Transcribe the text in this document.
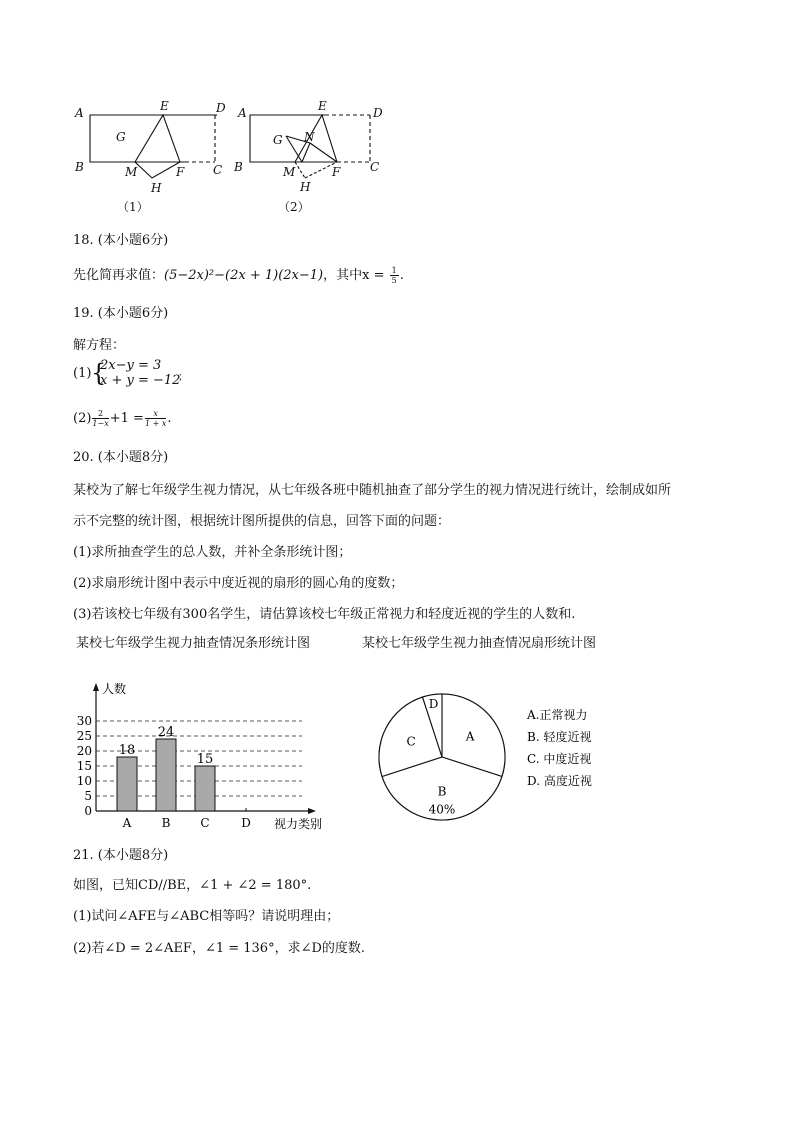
A
B	C
D
E
F
G
H
M
（1）
A
B	C
D
E
F
G
H
M
N
（2）
18. (本小题6分)
先化简再求值：(5−2x)²−(2x + 1)(2x−1)，其中$x = \frac{1}{5}$ .
19. (本小题6分)
解方程：
(1) {
2x−y = 3
x + y = −12
；
$(2) \frac{2}{1-x} +1 = \frac{x}{1 + x}$ .
20. (本小题8分)
某校为了解七年级学生视力情况，从七年级各班中随机抽查了部分学生的视力情况进行统计，绘制成如所
示不完整的统计图，根据统计图所提供的信息，回答下面的问题：
(1)求所抽查学生的总人数，并补全条形统计图；
(2)求扇形统计图中表示中度近视的扇形的圆心角的度数；
(3)若该校七年级有300名学生，请估算该校七年级正常视力和轻度近视的学生的人数和.
某校七年级学生视力抽查情况条形统计图	某校七年级学生视力抽查情况扇形统计图
人数
视力类别
0
5
10
15
20
25
30
A
18
B
24
C
15
D
A
B
40%
C
D
A.正常视力
B. 轻度近视
C. 中度近视
D. 高度近视
21. (本小题8分)
如图，已知CD//BE，∠1 + ∠2 = 180°.
(1)试问∠AFE与∠ABC相等吗？请说明理由；
(2)若∠D = 2∠AEF，∠1 = 136°，求∠D的度数.
